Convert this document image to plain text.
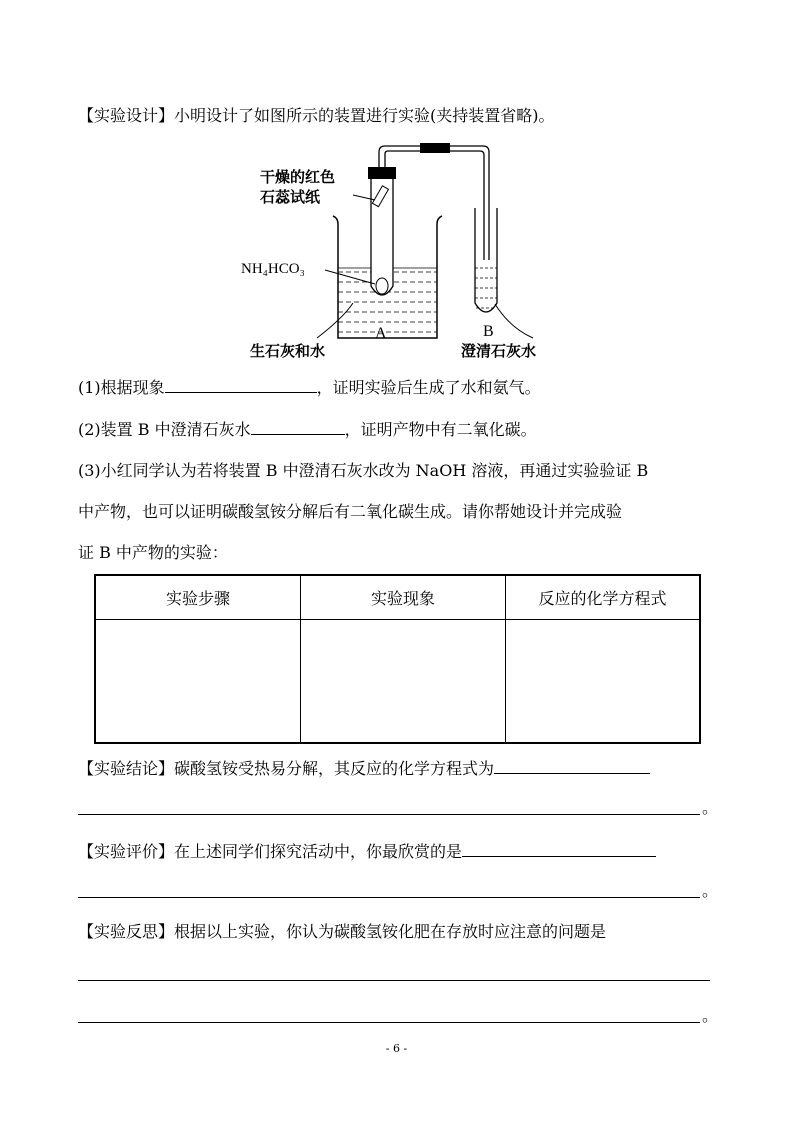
【实验设计】小明设计了如图所示的装置进行实验(夹持装置省略)。
干燥的红色
石蕊试纸
NH₄HCO₃
A	B
生石灰和水	澄清石灰水
(1)根据现象	，证明实验后生成了水和氨气。
(2)装置 B 中澄清石灰水	，证明产物中有二氧化碳。
(3)小红同学认为若将装置 B 中澄清石灰水改为 NaOH 溶液，再通过实验验证 B
中产物，也可以证明碳酸氢铵分解后有二氧化碳生成。请你帮她设计并完成验
证 B 中产物的实验：
实验步骤	实验现象	反应的化学方程式

【实验结论】碳酸氢铵受热易分解，其反应的化学方程式为
。
【实验评价】在上述同学们探究活动中，你最欣赏的是
。
【实验反思】根据以上实验，你认为碳酸氢铵化肥在存放时应注意的问题是
。
- 6 -
